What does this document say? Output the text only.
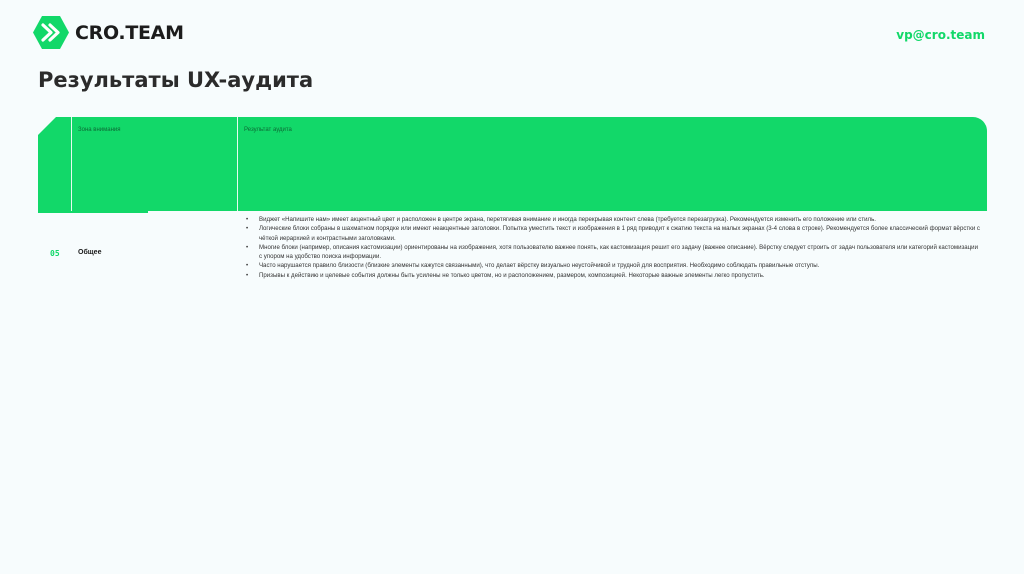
CRO.TEAM	vp@cro.team
Результаты UX-аудита
Зона внимания	Результат аудита
05	Общее
• Виджет «Напишите нам» имеет акцентный цвет и расположен в центре экрана, перетягивая внимание и иногда перекрывая контент слева (требуется перезагрузка). Рекомендуется изменить его положение или стиль.
• Логические блоки собраны в шахматном порядке или имеют неакцентные заголовки. Попытка уместить текст и изображения в 1 ряд приводит к сжатию текста на малых экранах (3-4 слова в строке). Рекомендуется более классический формат вёрстки с чёткой иерархией и контрастными заголовками.
• Многие блоки (например, описания кастомизации) ориентированы на изображения, хотя пользователю важнее понять, как кастомизация решит его задачу (важнее описание). Вёрстку следует строить от задач пользователя или категорий кастомизации с упором на удобство поиска информации.
• Часто нарушается правило близости (близкие элементы кажутся связанными), что делает вёрстку визуально неустойчивой и трудной для восприятия. Необходимо соблюдать правильные отступы.
• Призывы к действию и целевые события должны быть усилены не только цветом, но и расположением, размером, композицией. Некоторые важные элементы легко пропустить.
